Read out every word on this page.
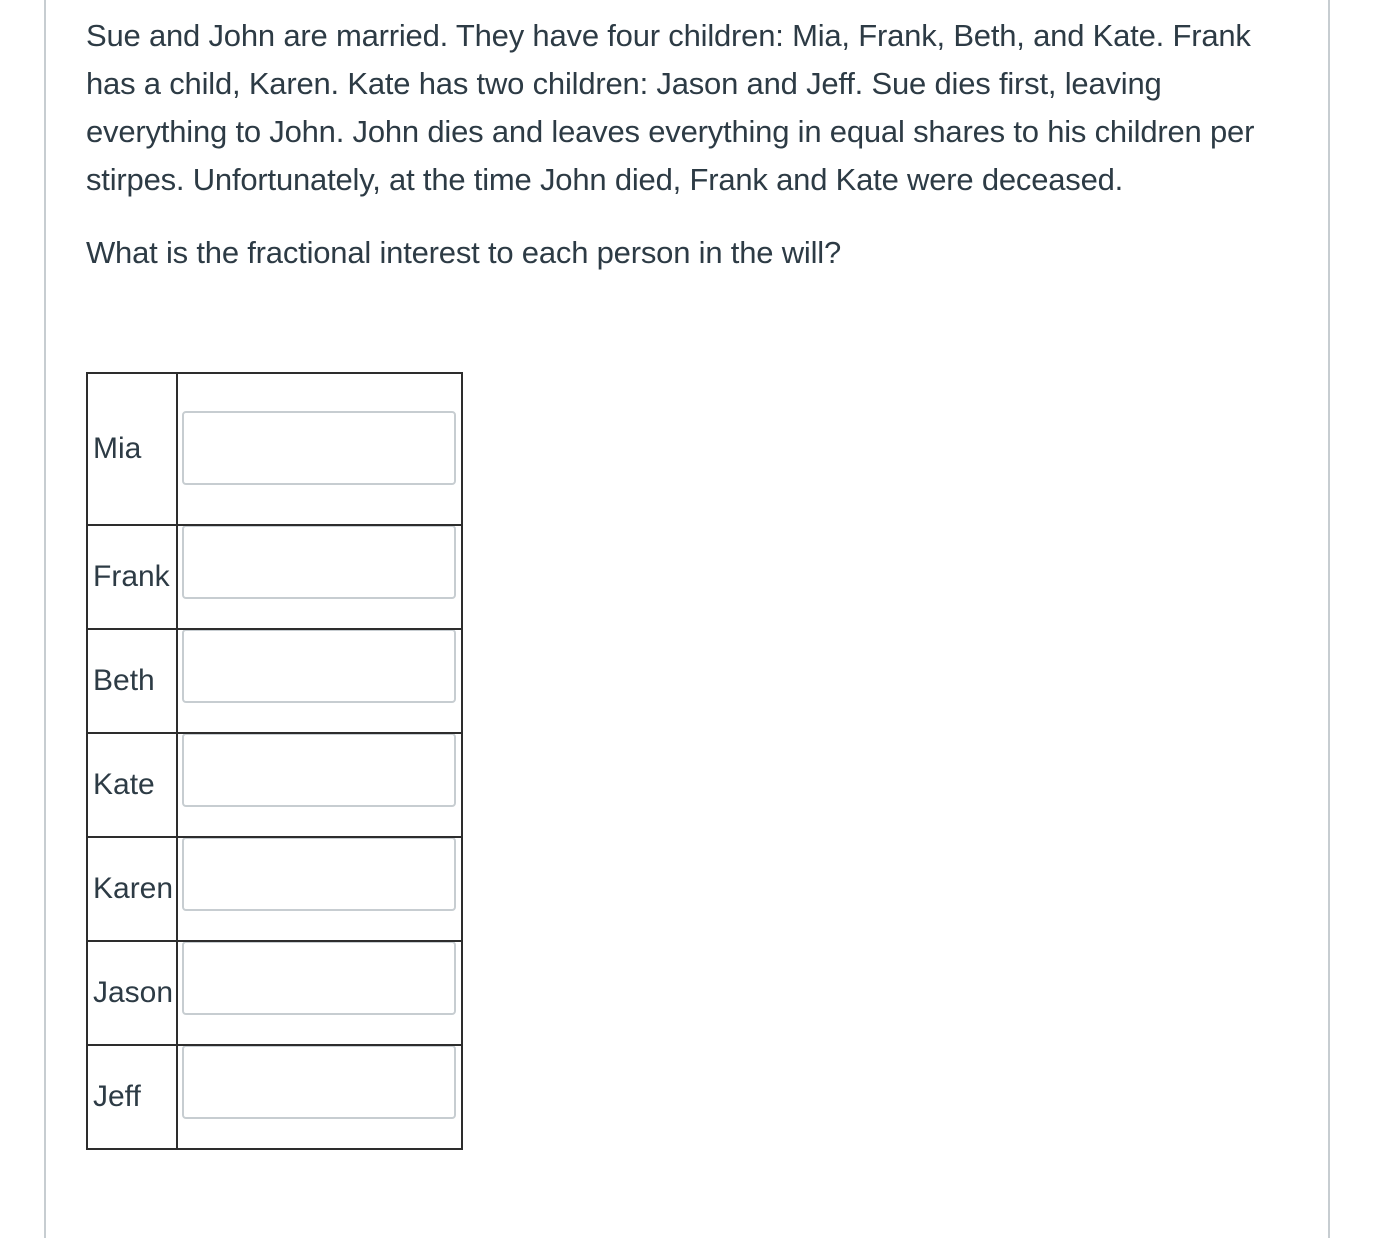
Sue and John are married. They have four children: Mia, Frank, Beth, and Kate. Frank has a child, Karen. Kate has two children: Jason and Jeff. Sue dies first, leaving everything to John. John dies and leaves everything in equal shares to his children per stirpes. Unfortunately, at the time John died, Frank and Kate were deceased.

What is the fractional interest to each person in the will?

Mia	

Frank	

Beth	

Kate	

Karen	

Jason	

Jeff	
